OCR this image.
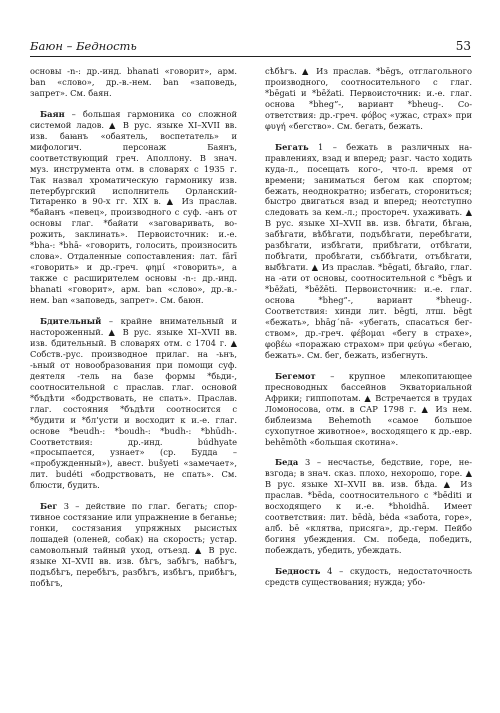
Баюн – Бедность	53

основы -n-: др.-инд. bhanati «говорит», арм. ban «слово», др.-в.-нем. ban «заповедь, запрет». См. баян.

Баян – большая гармоника со сложной системой ладов. ▲ В рус. языке XI–XVII вв. изв. баꙗнъ «обаятель, воспетатель» и мифологич. персонаж Баянъ, соответствующий греч. Аполлону. В знач. муз. инструмента отм. в словарях с 1935 г. Так назвал хроматическую гармонику изв. петербургский исполнитель Орланский-Титаренко в 90-х гг. XIX в. ▲ Из праслав. *байанъ «певец», производного с суф. -анъ от основы глаг. *байати «заговаривать, ворожить, заклинать». Первоисточник: и.-е. *bha-: *bhā- «говорить, голосить, произносить слова». Отдаленные сопоставления: лат. fārī «говорить» и др.-греч. φημί «говорить», а также с расширителем основы -n-: др.-инд. bhanati «говорит», арм. ban «слово», др.-в.-нем. ban «заповедь, запрет». См. баюн.

Бдительный – крайне внимательный и настороженный. ▲ В рус. языке XI–XVII вв. изв. бдительный. В словарях отм. с 1704 г. ▲ Собств.-рус. производное прилаг. на -ьнъ, -ьный от новообразования при помощи суф. деятеля -тель на базе формы *бьди-, соотносительной с праслав. глаг. основой *бъдѣти «бодрствовать, не спать». Праслав. глаг. состояния *бъдѣти соотносится с *будити и *бл’усти и восходит к и.-е. глаг. основе *beudh-: *boudh-: *budh-: *bhūdh-. Соответствия: др.-инд. búdhyate «просыпается, узнает» (ср. Будда – «пробужденный»), авест. bušyeti «замечает», лит. budéti «бодрствовать, не спать». См. блюсти, будить.

Бег 3 – действие по глаг. бегать; спортивное состязание или упражнение в беганье; гонки, состязания упряжных рысистых лошадей (оленей, собак) на скорость; устар. самовольный тайный уход, отъезд. ▲ В рус. языке XI–XVII вв. изв. бѣгъ, забѣгъ, набѣгъ, подъбѣгъ, перебѣгъ, разбѣгъ, избѣгъ, прибѣгъ, побѣгъ,

сѣбѣгъ. ▲ Из праслав. *bēgъ, отглагольного производного, соотносительного с глаг. *bēgati и *bēžati. Первоисточник: и.-е. глаг. основа *bheg”-, вариант *bheug-. Соответствия: др.-греч. φόβος «ужас, страх» при φυγή «бегство». См. бегать, бежать.

Бегать 1 – бежать в различных направлениях, взад и вперед; разг. часто ходить куда-л., посещать кого-, что-л. время от времени; заниматься бегом как спортом; бежать, неоднократно; избегать, сторониться; быстро двигаться взад и вперед; неотступно следовать за кем.-л.; простореч. ухаживать. ▲ В рус. языке XI–XVII вв. изв. бѣгати, бѣгаꙗ, забѣгати, вѣбѣгати, подъбѣгати, перебѣгати, разбѣгати, избѣгати, прибѣгати, отбѣгати, побѣгати, пробѣгати, съббѣгати, отъбѣгати, выбѣгати. ▲ Из праслав. *bēgati, бѣгайо, глаг. на -ати от основы, соотносительной с *bēgъ и *bēžati, *bēžēti. Первоисточник: и.-е. глаг. основа *bheg”-, вариант *bheug-. Соответствия: хинди лит. bēgti, лтш. bēgt «бежать», bhāg´nā- «убегать, спасаться бегством», др.-греч. φέβομαι «бегу в страхе», φοβέω «поражаю страхом» при φεύγω «бегаю, бежать». См. бег, бежать, избегнуть.

Бегемот – крупное млекопитающее пресноводных бассейнов Экваториальной Африки; гиппопотам. ▲ Встречается в трудах Ломоносова, отм. в САР 1798 г. ▲ Из нем. библеизма Behemoth «самое большое сухопутное животное», восходящего к др.-евр. behēmōth «большая скотина».

Беда 3 – несчастье, бедствие, горе, невзгода; в знач. сказ. плохо, нехорошо, горе. ▲ В рус. языке XI–XVII вв. изв. бѣда. ▲ Из праслав. *bēda, соотносительного с *bēditi и восходящего к и.-е. *bhoidhā. Имеет соответствия: лит. bēdà, bėda «забота, горе», алб. bē «клятва, присяга», др.-герм. Пейбо богиня убеждения. См. победа, победить, побеждать, убедить, убеждать.

Бедность 4 – скудость, недостаточность средств существования; нужда; убо-
